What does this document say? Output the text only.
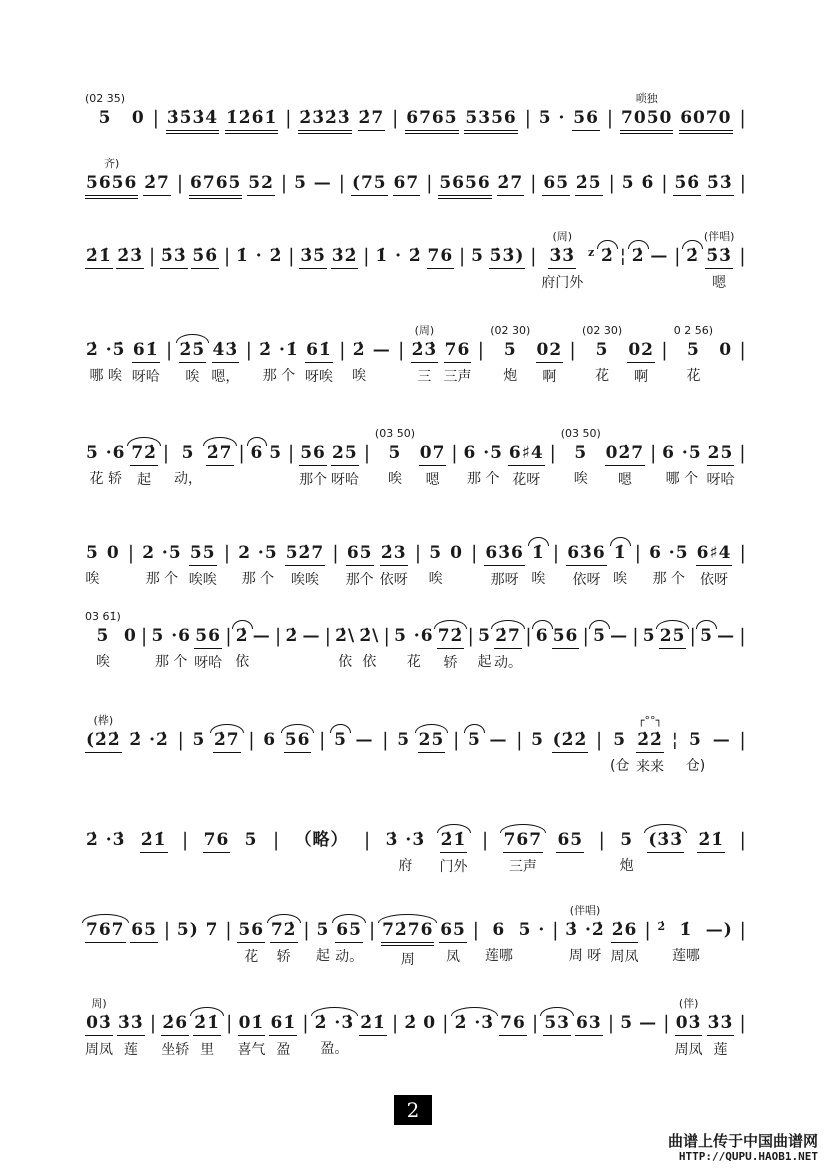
(02 35)
5

0

|

3̇5̇3̇4̇

1̇2̇6̇1̇

|

2̇3̇2̇3̇

2̇7

|

6765

5356

|

5 ·

56

|

唢独
7050

6070

|

齐)
5656

2̇7

|

6765

52

|

5

—

|

(75

67

|

5656

2̇7

|

65

2̇5

|

5

6̇

|

5̇6̇

5̇3̇

|

2̇1̇

2̇3̇

|

5̇3̇

5̇6̇

|

1̇ · 2̇

|

3̇5̇

3̇2̇

|

1̇ · 2̇

76

|

5

5̇3̇)

|

(周)
3̇3̇
府门外

z

2̇

¦

2̇

—

|

2̇

(伴唱)
5̇3̇
嗯

|

2̇ ·5̇
哪 唉

61̇
呀哈

|

2̇5̇
唉

4̇3̇
嗯，

|

2̇ ·1̇
那 个

61̇
呀唉

|

2̇
唉

—

|

(周)
2̇3̇
三

76
三声

|

(02 30)
5
炮

02
啊

|

(02 30)
5
花

02
啊

|

0 2 56)
5
花

0

|

5 ·6
花 轿

72̇
起

|

5
动，

2̇7

|

6

5

|

56
那个

25
呀哈

|

(03 50)
5
唉

07
嗯

|

6 ·5
那 个

6♯4
花呀

|

(03 50)
5
唉

02̇7
嗯

|

6 ·5
哪 个

25
呀哈

|

5
唉

0

|

2 ·5
那 个

55
唉唉

|

2 ·5
那 个

52̇7
唉唉

|

65
那个

2̇3
依呀

|

5
唉

0

|

63̇6
那呀

1̇
唉

|

63̇6
依呀

1̇
唉

|

6 ·5
那 个

6♯4
依呀

|

03 61̇)
5
唉

0

|

5 ·6
那 个

56
呀哈

|

2̇
依

—

|

2̇

—

|

2̇\
依

2̇\
依

|

5 ·6
花

72̇
轿

|

5
起

2̇7
动。

|

6

56

|

5

—

|

5

25

|

5

—

|

(桦)
(2̇2̇

2̇ ·2̇

|

5

2̇7

|

6

56

|

5

—

|

5

25

|

5

—

|

5

(2̇2̇

|

5
(仓
┌°°┐
2̇2̇
来来

¦

5
仓)

—

|

2̇ ·3̇

2̇1̇

|

76

5

|

（略）

|

3̇ ·3̇
府

2̇1̇
门外

|

767
三声

65

|

5
炮

(3̇3̇

2̇1̇

|

767

65

|

5)

7

|

56
花

72̇
轿

|

5
起

65
动。

|

72̇76
周

65
凤

|

6
莲哪

5 ·

|

(伴唱)
3̇ ·2̇
周 呀

2̇6
周凤

|

2̇

1̇
莲哪

—)

|

周)
03̇
周凤

3̇3̇
莲

|

2̇6
坐轿

2̇1̇
里

|

01̇
喜气

61̇
盈

|

2̇ ·3̇
盈。

2̇1̇

|

2̇

0

|

2̇ ·3̇

76

|

53

63

|

5

—

|

(伴)
03̇
周凤

3̇3̇
莲

|

2
曲谱上传于中国曲谱网
HTTP://QUPU.HAOB1.NET
